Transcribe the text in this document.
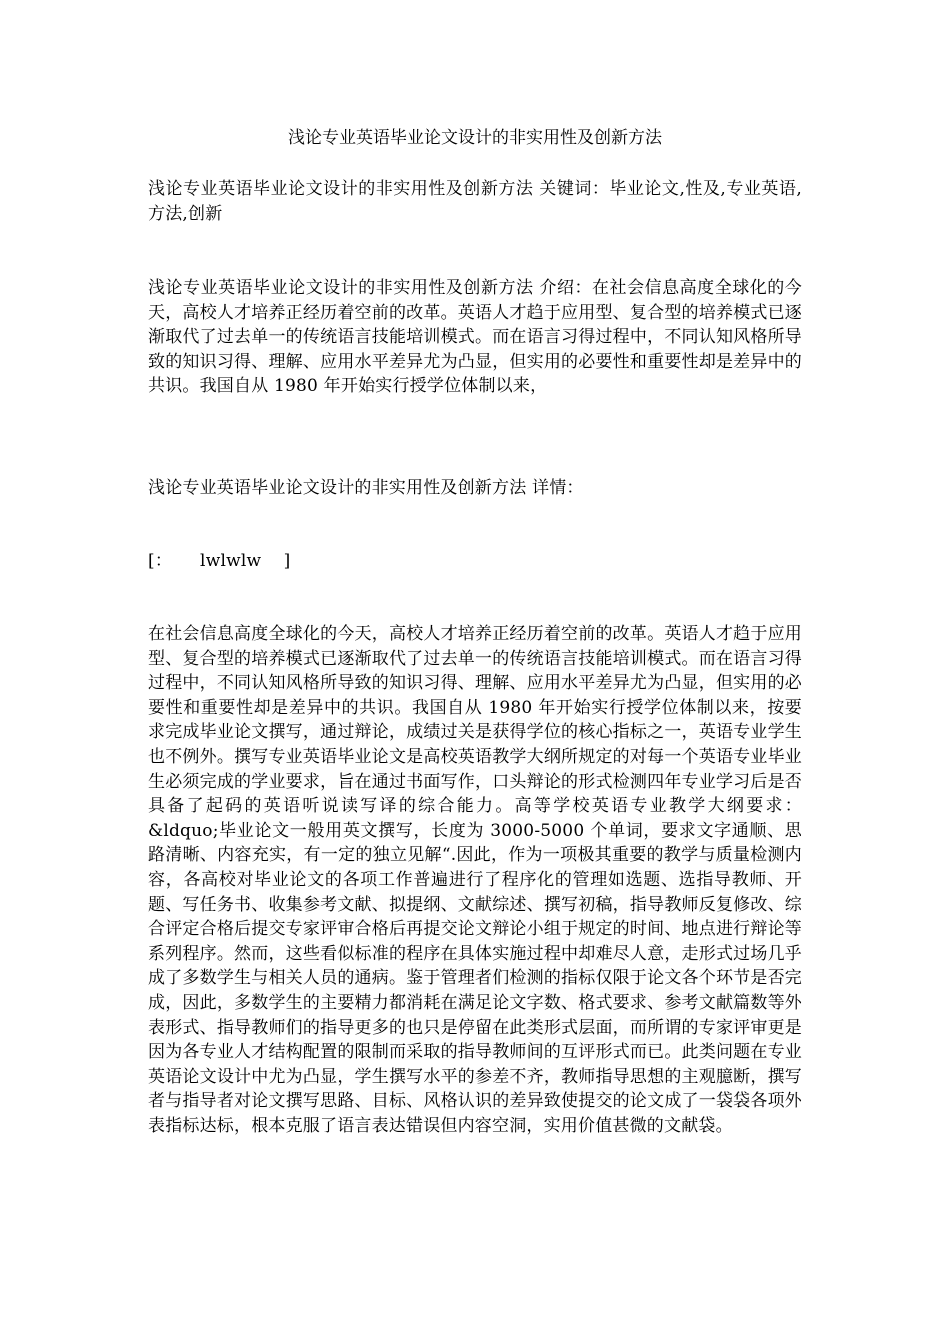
浅论专业英语毕业论文设计的非实用性及创新方法

浅论专业英语毕业论文设计的非实用性及创新方法 关键词：毕业论文,性及,专业英语,方法,创新

浅论专业英语毕业论文设计的非实用性及创新方法 介绍：在社会信息高度全球化的今天，高校人才培养正经历着空前的改革。英语人才趋于应用型、复合型的培养模式已逐渐取代了过去单一的传统语言技能培训模式。而在语言习得过程中，不同认知风格所导致的知识习得、理解、应用水平差异尤为凸显，但实用的必要性和重要性却是差异中的共识。我国自从 1980 年开始实行授学位体制以来，

浅论专业英语毕业论文设计的非实用性及创新方法 详情：

[：     lwlwlw    ]

在社会信息高度全球化的今天，高校人才培养正经历着空前的改革。英语人才趋于应用型、复合型的培养模式已逐渐取代了过去单一的传统语言技能培训模式。而在语言习得过程中，不同认知风格所导致的知识习得、理解、应用水平差异尤为凸显，但实用的必要性和重要性却是差异中的共识。我国自从 1980 年开始实行授学位体制以来，按要求完成毕业论文撰写，通过辩论，成绩过关是获得学位的核心指标之一，英语专业学生也不例外。撰写专业英语毕业论文是高校英语教学大纲所规定的对每一个英语专业毕业生必须完成的学业要求，旨在通过书面写作，口头辩论的形式检测四年专业学习后是否具备了起码的英语听说读写译的综合能力。高等学校英语专业教学大纲要求：&ldquo;毕业论文一般用英文撰写，长度为 3000-5000 个单词，要求文字通顺、思路清晰、内容充实，有一定的独立见解“.因此，作为一项极其重要的教学与质量检测内容，各高校对毕业论文的各项工作普遍进行了程序化的管理如选题、选指导教师、开题、写任务书、收集参考文献、拟提纲、文献综述、撰写初稿，指导教师反复修改、综合评定合格后提交专家评审合格后再提交论文辩论小组于规定的时间、地点进行辩论等系列程序。然而，这些看似标准的程序在具体实施过程中却难尽人意，走形式过场几乎成了多数学生与相关人员的通病。鉴于管理者们检测的指标仅限于论文各个环节是否完成，因此，多数学生的主要精力都消耗在满足论文字数、格式要求、参考文献篇数等外表形式、指导教师们的指导更多的也只是停留在此类形式层面，而所谓的专家评审更是因为各专业人才结构配置的限制而采取的指导教师间的互评形式而已。此类问题在专业英语论文设计中尤为凸显，学生撰写水平的参差不齐，教师指导思想的主观臆断，撰写者与指导者对论文撰写思路、目标、风格认识的差异致使提交的论文成了一袋袋各项外表指标达标，根本克服了语言表达错误但内容空洞，实用价值甚微的文献袋。
